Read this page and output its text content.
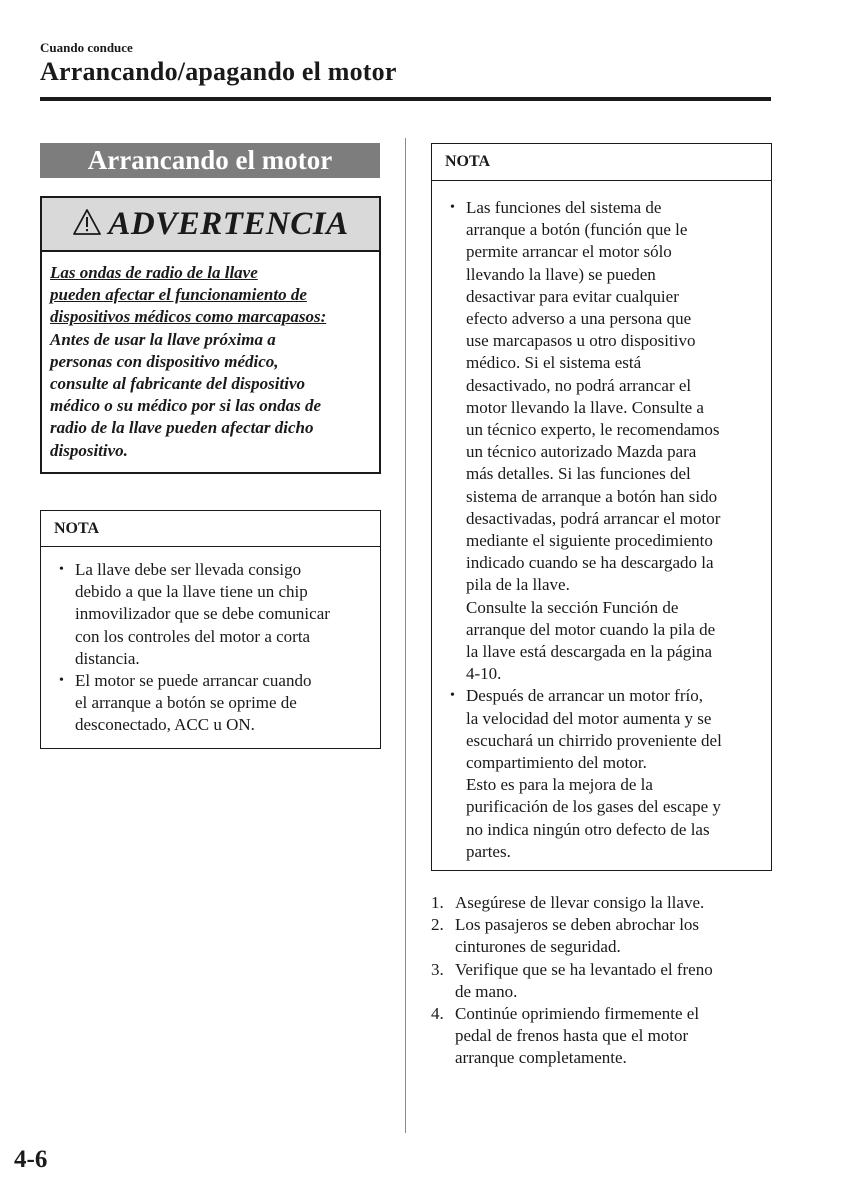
Cuando conduce
Arrancando/apagando el motor
Arrancando el motor
ADVERTENCIA
Las ondas de radio de la llave
pueden afectar el funcionamiento de
dispositivos médicos como marcapasos:
Antes de usar la llave próxima a
personas con dispositivo médico,
consulte al fabricante del dispositivo
médico o su médico por si las ondas de
radio de la llave pueden afectar dicho
dispositivo.
NOTA
• La llave debe ser llevada consigo
debido a que la llave tiene un chip
inmovilizador que se debe comunicar
con los controles del motor a corta
distancia.
• El motor se puede arrancar cuando
el arranque a botón se oprime de
desconectado, ACC u ON.
NOTA
• Las funciones del sistema de
arranque a botón (función que le
permite arrancar el motor sólo
llevando la llave) se pueden
desactivar para evitar cualquier
efecto adverso a una persona que
use marcapasos u otro dispositivo
médico. Si el sistema está
desactivado, no podrá arrancar el
motor llevando la llave. Consulte a
un técnico experto, le recomendamos
un técnico autorizado Mazda para
más detalles. Si las funciones del
sistema de arranque a botón han sido
desactivadas, podrá arrancar el motor
mediante el siguiente procedimiento
indicado cuando se ha descargado la
pila de la llave.
Consulte la sección Función de
arranque del motor cuando la pila de
la llave está descargada en la página
4-10.
• Después de arrancar un motor frío,
la velocidad del motor aumenta y se
escuchará un chirrido proveniente del
compartimiento del motor.
Esto es para la mejora de la
purificación de los gases del escape y
no indica ningún otro defecto de las
partes.
1. Asegúrese de llevar consigo la llave.
2. Los pasajeros se deben abrochar los
cinturones de seguridad.
3. Verifique que se ha levantado el freno
de mano.
4. Continúe oprimiendo firmemente el
pedal de frenos hasta que el motor
arranque completamente.
4-6
